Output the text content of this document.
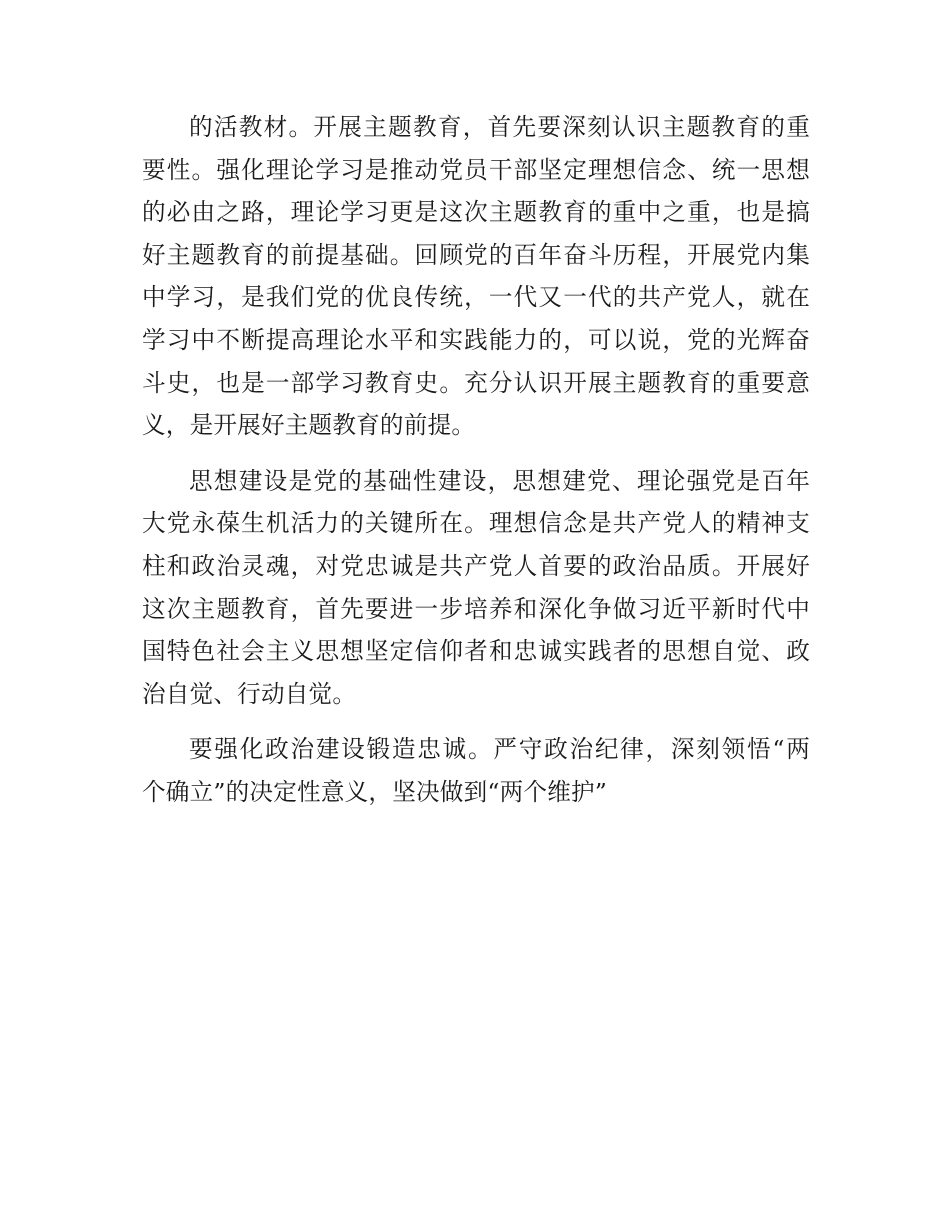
的活教材。开展主题教育，首先要深刻认识主题教育的重
要性。强化理论学习是推动党员干部坚定理想信念、统一思想
的必由之路，理论学习更是这次主题教育的重中之重，也是搞
好主题教育的前提基础。回顾党的百年奋斗历程，开展党内集
中学习，是我们党的优良传统，一代又一代的共产党人，就在
学习中不断提高理论水平和实践能力的，可以说，党的光辉奋
斗史，也是一部学习教育史。充分认识开展主题教育的重要意
义，是开展好主题教育的前提。
思想建设是党的基础性建设，思想建党、理论强党是百年
大党永葆生机活力的关键所在。理想信念是共产党人的精神支
柱和政治灵魂，对党忠诚是共产党人首要的政治品质。开展好
这次主题教育，首先要进一步培养和深化争做习近平新时代中
国特色社会主义思想坚定信仰者和忠诚实践者的思想自觉、政
治自觉、行动自觉。
要强化政治建设锻造忠诚。严守政治纪律，深刻领悟“两
个确立”的决定性意义，坚决做到“两个维护”
